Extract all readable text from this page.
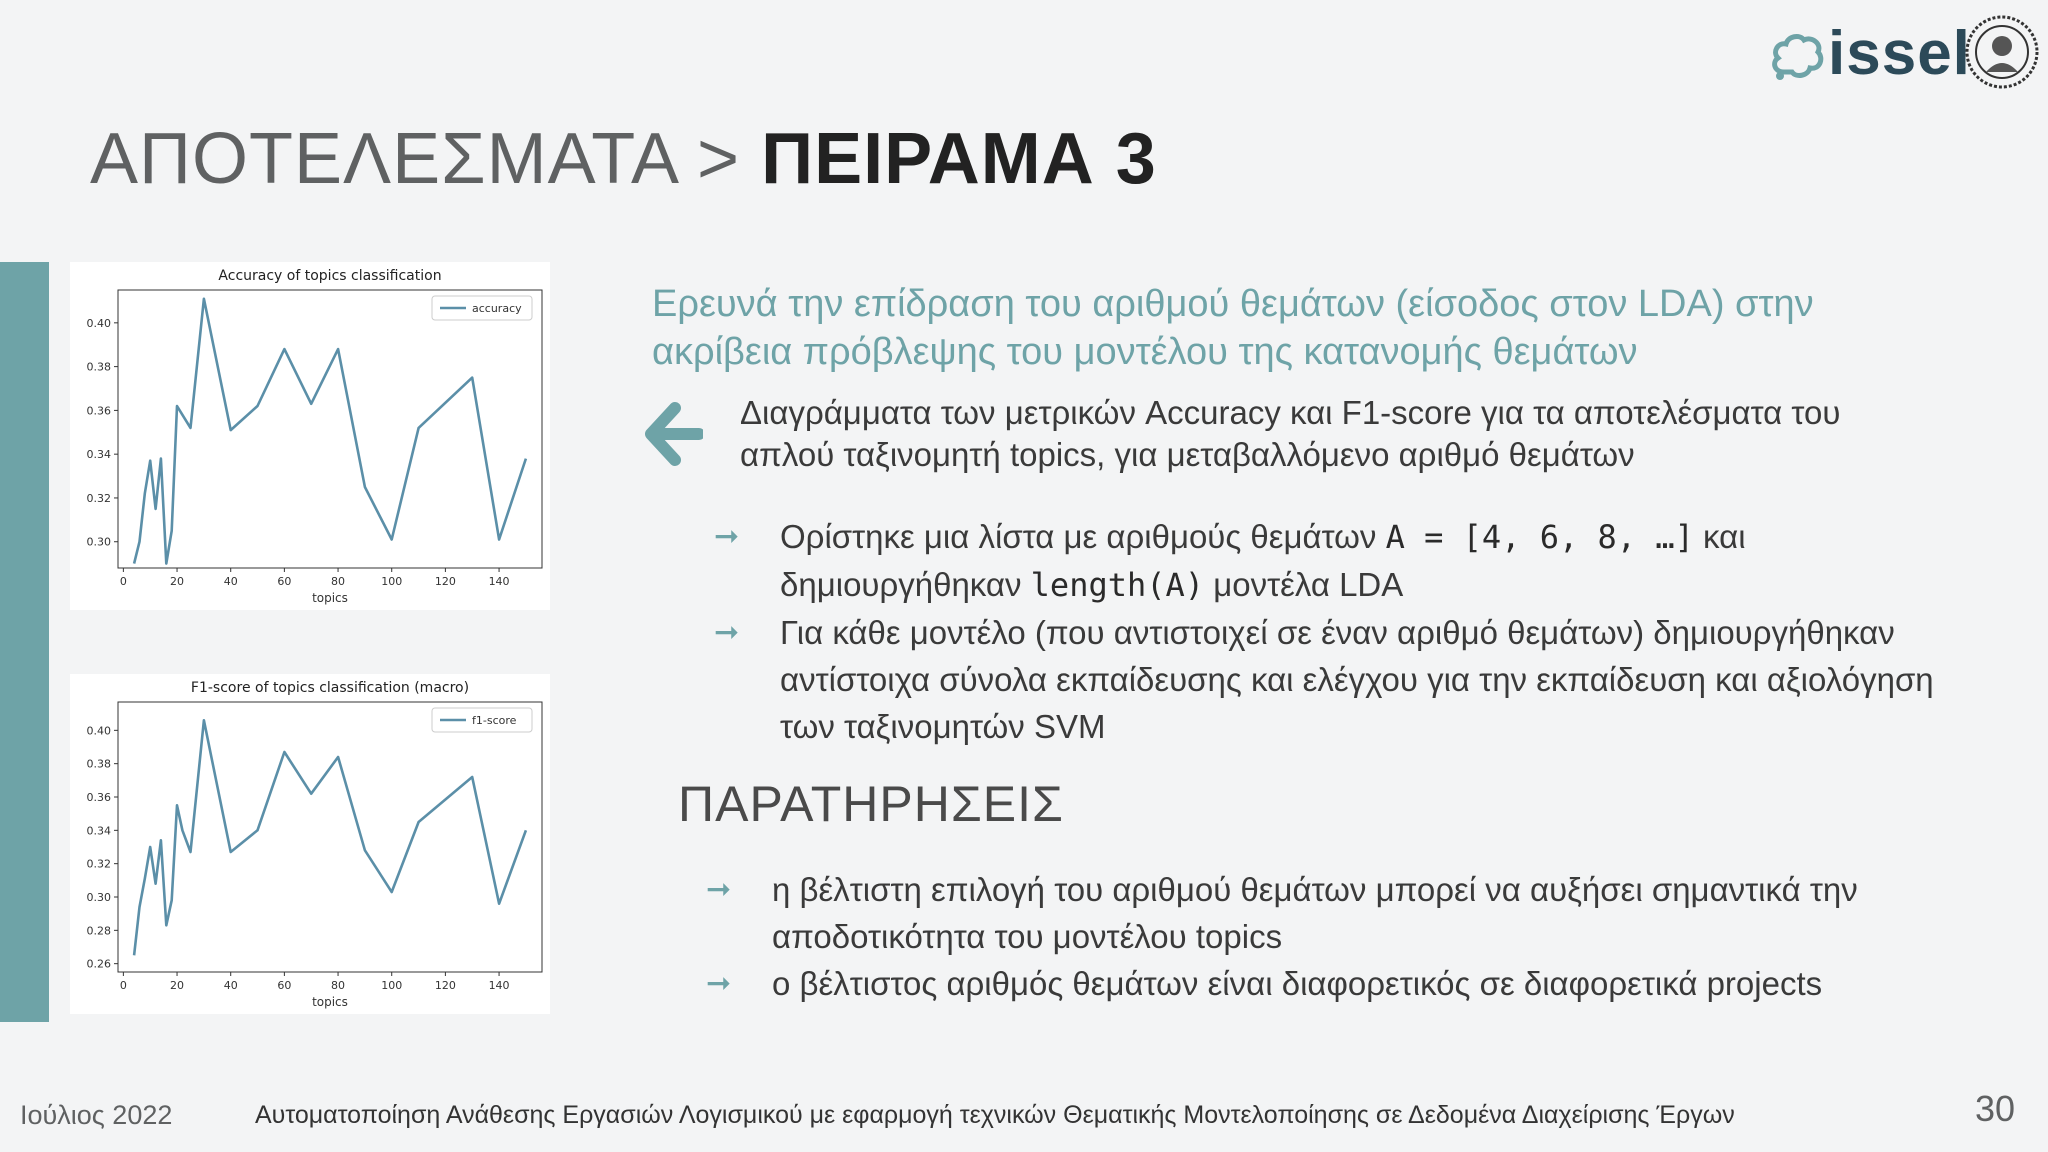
ΑΠΟΤΕΛΕΣΜΑΤΑ > ΠΕΙΡΑΜΑ 3
issel
Accuracy of topics classification
0.30
0.32
0.34
0.36
0.38
0.40
0	20	40	60	80	100	120	140
topics
accuracy
F1-score of topics classification (macro)
0.26
0.28
0.30
0.32
0.34
0.36
0.38
0.40
0	20	40	60	80	100	120	140
topics
f1-score
Ερευνά την επίδραση του αριθμού θεμάτων (είσοδος στον LDA) στην ακρίβεια πρόβλεψης του μοντέλου της κατανομής θεμάτων
Διαγράμματα των μετρικών Accuracy και F1-score για τα αποτελέσματα του απλού ταξινομητή topics, για μεταβαλλόμενο αριθμό θεμάτων
➞ Ορίστηκε μια λίστα με αριθμούς θεμάτων A = [4, 6, 8, …] και δημιουργήθηκαν length(A) μοντέλα LDA
➞ Για κάθε μοντέλο (που αντιστοιχεί σε έναν αριθμό θεμάτων) δημιουργήθηκαν αντίστοιχα σύνολα εκπαίδευσης και ελέγχου για την εκπαίδευση και αξιολόγηση των ταξινομητών SVM
ΠΑΡΑΤΗΡΗΣΕΙΣ
➞ η βέλτιστη επιλογή του αριθμού θεμάτων μπορεί να αυξήσει σημαντικά την αποδοτικότητα του μοντέλου topics
➞ ο βέλτιστος αριθμός θεμάτων είναι διαφορετικός σε διαφορετικά projects
Ιούλιος 2022	Αυτοματοποίηση Ανάθεσης Εργασιών Λογισμικού με εφαρμογή τεχνικών Θεματικής Μοντελοποίησης σε Δεδομένα Διαχείρισης Έργων	30
